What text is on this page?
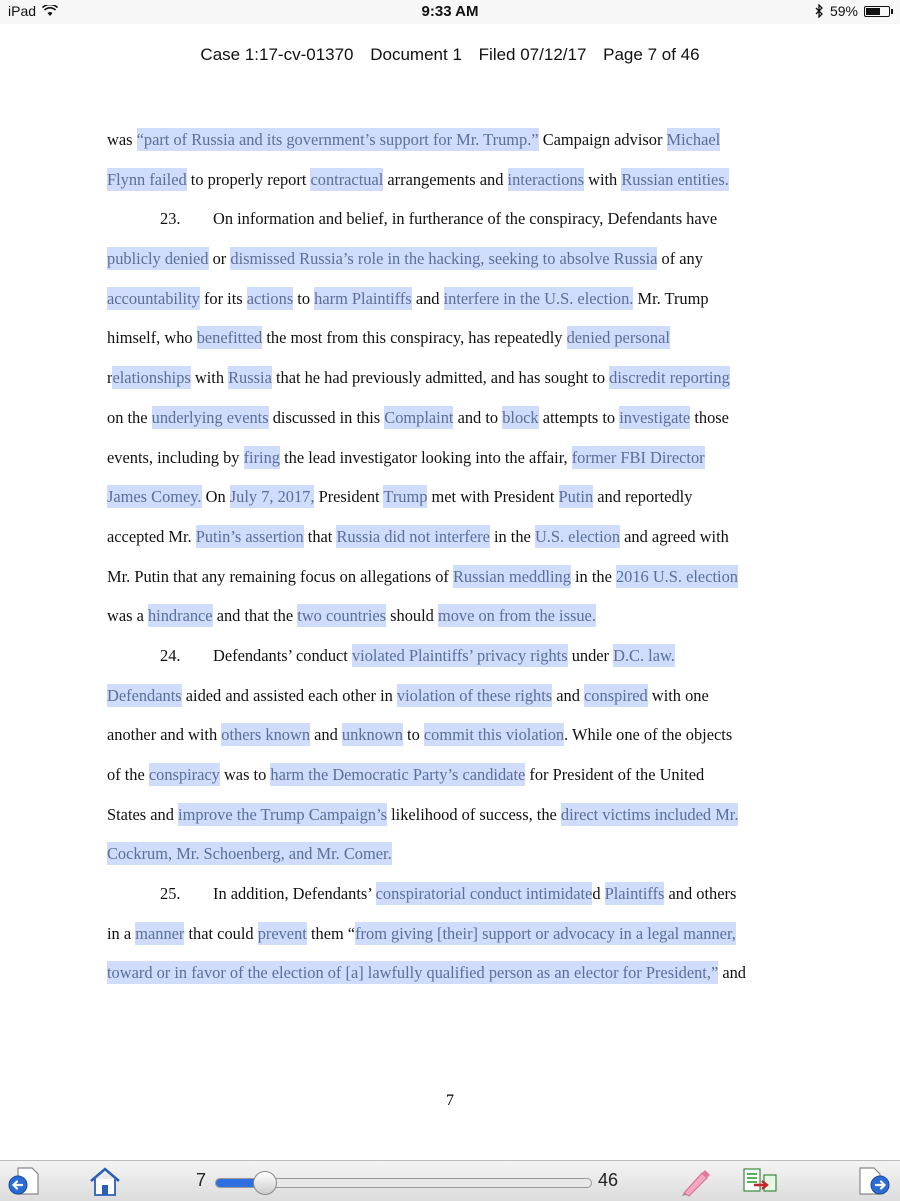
iPad	9:33 AM	59%
Case 1:17-cv-01370 Document 1 Filed 07/12/17 Page 7 of 46
was “part of Russia and its government’s support for Mr. Trump.” Campaign advisor Michael
Flynn failed to properly report contractual arrangements and interactions with Russian entities.
23. On information and belief, in furtherance of the conspiracy, Defendants have
publicly denied or dismissed Russia’s role in the hacking, seeking to absolve Russia of any
accountability for its actions to harm Plaintiffs and interfere in the U.S. election. Mr. Trump
himself, who benefitted the most from this conspiracy, has repeatedly denied personal
relationships with Russia that he had previously admitted, and has sought to discredit reporting
on the underlying events discussed in this Complaint and to block attempts to investigate those
events, including by firing the lead investigator looking into the affair, former FBI Director
James Comey. On July 7, 2017, President Trump met with President Putin and reportedly
accepted Mr. Putin’s assertion that Russia did not interfere in the U.S. election and agreed with
Mr. Putin that any remaining focus on allegations of Russian meddling in the 2016 U.S. election
was a hindrance and that the two countries should move on from the issue.
24. Defendants’ conduct violated Plaintiffs’ privacy rights under D.C. law.
Defendants aided and assisted each other in violation of these rights and conspired with one
another and with others known and unknown to commit this violation. While one of the objects
of the conspiracy was to harm the Democratic Party’s candidate for President of the United
States and improve the Trump Campaign’s likelihood of success, the direct victims included Mr.
Cockrum, Mr. Schoenberg, and Mr. Comer.
25. In addition, Defendants’ conspiratorial conduct intimidated Plaintiffs and others
in a manner that could prevent them “from giving [their] support or advocacy in a legal manner,
toward or in favor of the election of [a] lawfully qualified person as an elector for President,” and
7
7	46
